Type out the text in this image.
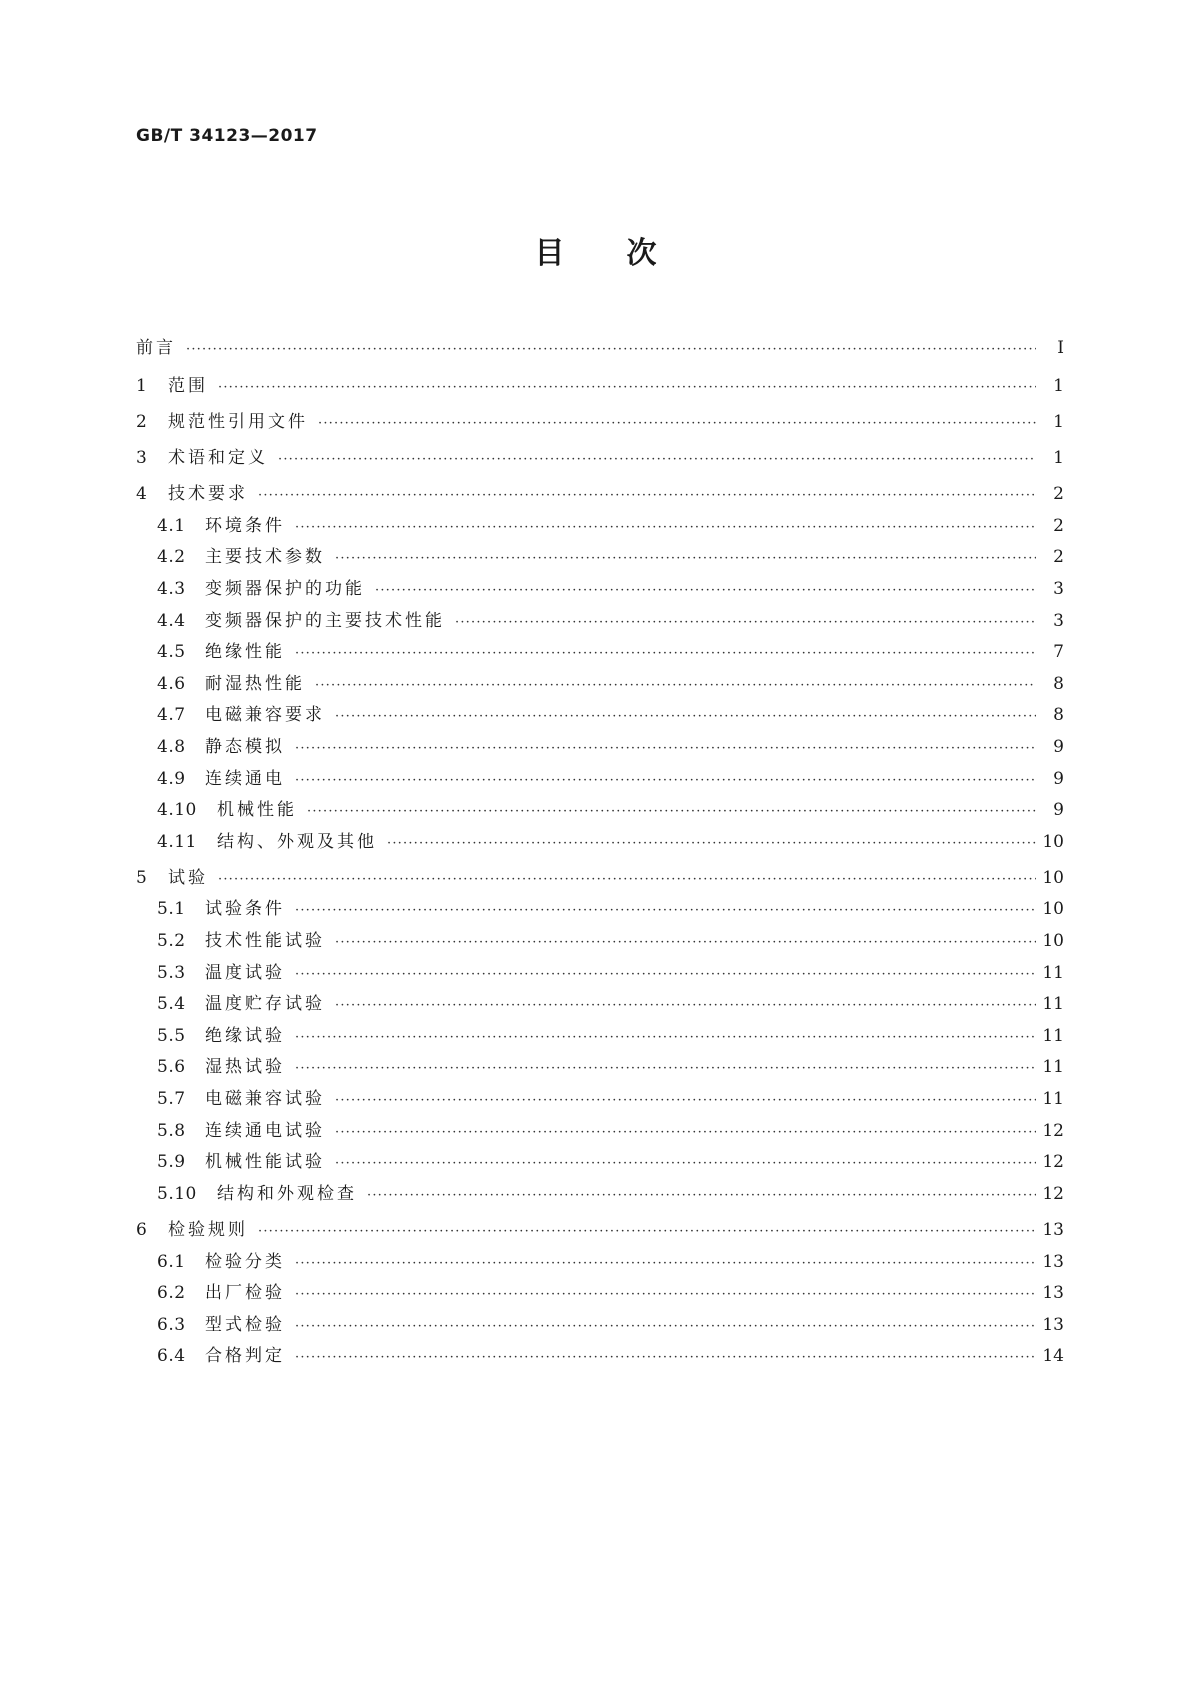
GB/T 34123—2017
目次
前言 ·····	Ⅰ
1	范围 ·····	1
2	规范性引用文件 ·····	1
3	术语和定义 ·····	1
4	技术要求 ·····	2
4.1	环境条件 ·····	2
4.2	主要技术参数 ·····	2
4.3	变频器保护的功能 ·····	3
4.4	变频器保护的主要技术性能 ·····	3
4.5	绝缘性能 ·····	7
4.6	耐湿热性能 ·····	8
4.7	电磁兼容要求 ·····	8
4.8	静态模拟 ·····	9
4.9	连续通电 ·····	9
4.10	机械性能 ·····	9
4.11	结构、外观及其他 ·····	10
5	试验 ·····	10
5.1	试验条件 ·····	10
5.2	技术性能试验 ·····	10
5.3	温度试验 ·····	11
5.4	温度贮存试验 ·····	11
5.5	绝缘试验 ·····	11
5.6	湿热试验 ·····	11
5.7	电磁兼容试验 ·····	11
5.8	连续通电试验 ·····	12
5.9	机械性能试验 ·····	12
5.10	结构和外观检查 ·····	12
6	检验规则 ·····	13
6.1	检验分类 ·····	13
6.2	出厂检验 ·····	13
6.3	型式检验 ·····	13
6.4	合格判定 ·····	14
